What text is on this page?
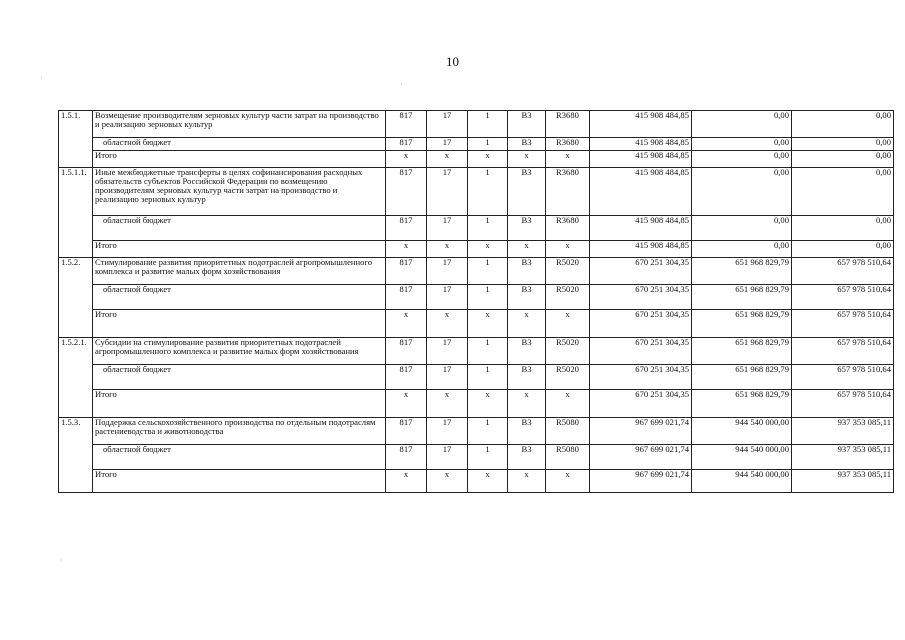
10
1.5.1.	Возмещение производителям зерновых культур части затрат на производство и реализацию зерновых культур	817	17	1	В3	R3680	415 908 484,85	0,00	0,00
	областной бюджет	817	17	1	В3	R3680	415 908 484,85	0,00	0,00
	Итого	x	x	x	x	x	415 908 484,85	0,00	0,00
1.5.1.1.	Иные межбюджетные трансферты в целях софинансирования расходных обязательств субъектов Российской Федерации по возмещению производителям зерновых культур части затрат на производство и реализацию зерновых культур	817	17	1	В3	R3680	415 908 484,85	0,00	0,00
	областной бюджет	817	17	1	В3	R3680	415 908 484,85	0,00	0,00
	Итого	x	x	x	x	x	415 908 484,85	0,00	0,00
1.5.2.	Стимулирование развития приоритетных подотраслей агропромышленного комплекса и развитие малых форм хозяйствования	817	17	1	В3	R5020	670 251 304,35	651 968 829,79	657 978 510,64
	областной бюджет	817	17	1	В3	R5020	670 251 304,35	651 968 829,79	657 978 510,64
	Итого	x	x	x	x	x	670 251 304,35	651 968 829,79	657 978 510,64
1.5.2.1.	Субсидии на стимулирование развития приоритетных подотраслей агропромышленного комплекса и развитие малых форм хозяйствования	817	17	1	В3	R5020	670 251 304,35	651 968 829,79	657 978 510,64
	областной бюджет	817	17	1	В3	R5020	670 251 304,35	651 968 829,79	657 978 510,64
	Итого	x	x	x	x	x	670 251 304,35	651 968 829,79	657 978 510,64
1.5.3.	Поддержка сельскохозяйственного производства по отдельным подотраслям растениеводства и животноводства	817	17	1	В3	R5080	967 699 021,74	944 540 000,00	937 353 085,11
	областной бюджет	817	17	1	В3	R5080	967 699 021,74	944 540 000,00	937 353 085,11
	Итого	x	x	x	x	x	967 699 021,74	944 540 000,00	937 353 085,11
·
·
·
